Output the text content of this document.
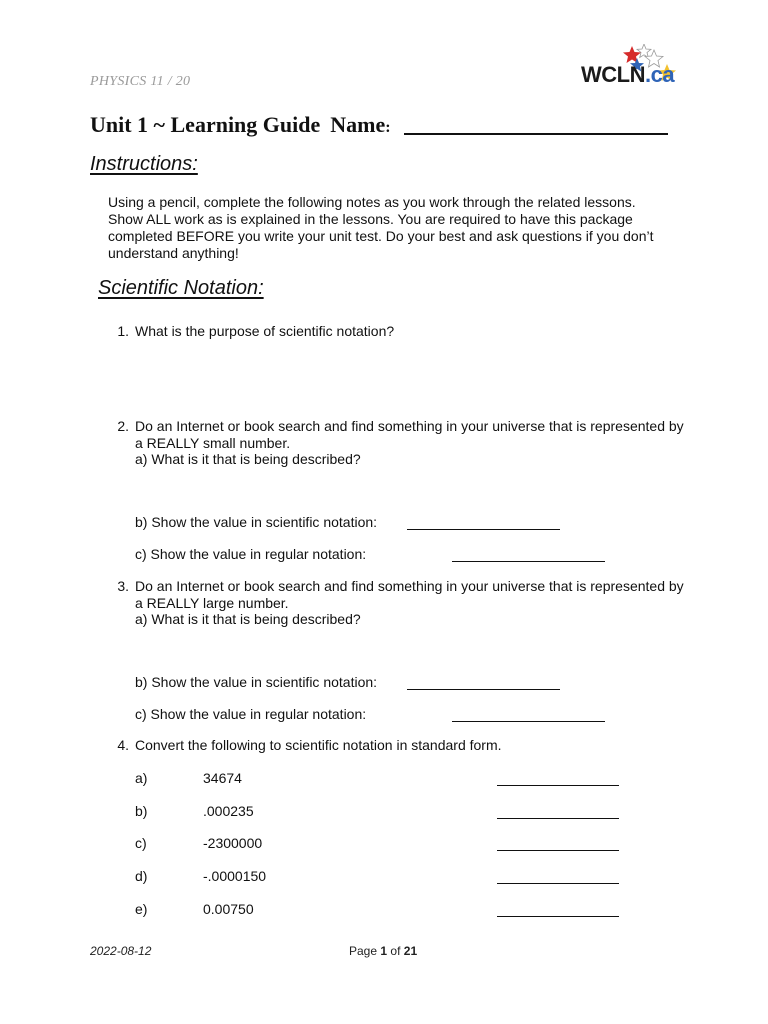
PHYSICS 11 / 20	WCLN.ca
Unit 1 ~ Learning Guide Name:
Instructions:
Using a pencil, complete the following notes as you work through the related lessons.
Show ALL work as is explained in the lessons. You are required to have this package
completed BEFORE you write your unit test. Do your best and ask questions if you don’t
understand anything!
Scientific Notation:
1. What is the purpose of scientific notation?
2. Do an Internet or book search and find something in your universe that is represented by
a REALLY small number.
a) What is it that is being described?
b) Show the value in scientific notation:
c) Show the value in regular notation:
3. Do an Internet or book search and find something in your universe that is represented by
a REALLY large number.
a) What is it that is being described?
b) Show the value in scientific notation:
c) Show the value in regular notation:
4. Convert the following to scientific notation in standard form.
a)	34674
b)	.000235
c)	-2300000
d)	-.0000150
e)	0.00750
2022-08-12	Page 1 of 21
